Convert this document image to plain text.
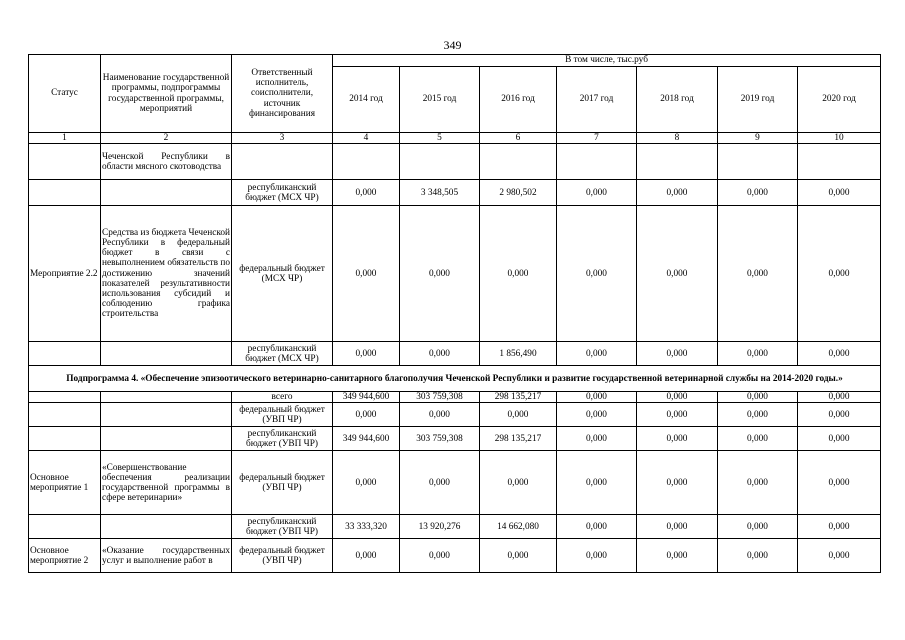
349
Статус	Наименование государственной программы, подпрограммы государственной программы, мероприятий	Ответственный исполнитель, соисполнители, источник финансирования	В том числе, тыс.руб						
			2014 год	2015 год	2016 год	2017 год	2018 год	2019 год	2020 год
1	2	3	4	5	6	7	8	9	10
	Чеченской Республики в области мясного скотоводства								
		республиканский бюджет (МСХ ЧР)	0,000	3 348,505	2 980,502	0,000	0,000	0,000	0,000
Мероприятие 2.2	Средства из бюджета Чеченской Республики в федеральный бюджет в связи с невыполнением обязательств по достижению значений показателей результативности использования субсидий и соблюдению графика строительства	федеральный бюджет (МСХ ЧР)	0,000	0,000	0,000	0,000	0,000	0,000	0,000
		республиканский бюджет (МСХ ЧР)	0,000	0,000	1 856,490	0,000	0,000	0,000	0,000
Подпрограмма 4. «Обеспечение эпизоотического ветеринарно-санитарного благополучия Чеченской Республики и развитие государственной ветеринарной службы на 2014-2020 годы.»									
		всего	349 944,600	303 759,308	298 135,217	0,000	0,000	0,000	0,000
		федеральный бюджет (УВП ЧР)	0,000	0,000	0,000	0,000	0,000	0,000	0,000
		республиканский бюджет (УВП ЧР)	349 944,600	303 759,308	298 135,217	0,000	0,000	0,000	0,000
Основное мероприятие 1	«Совершенствование обеспечения реализации государственной программы в сфере ветеринарии»	федеральный бюджет (УВП ЧР)	0,000	0,000	0,000	0,000	0,000	0,000	0,000
		республиканский бюджет (УВП ЧР)	33 333,320	13 920,276	14 662,080	0,000	0,000	0,000	0,000
Основное мероприятие 2	«Оказание государственных услуг и выполнение работ в	федеральный бюджет (УВП ЧР)	0,000	0,000	0,000	0,000	0,000	0,000	0,000
